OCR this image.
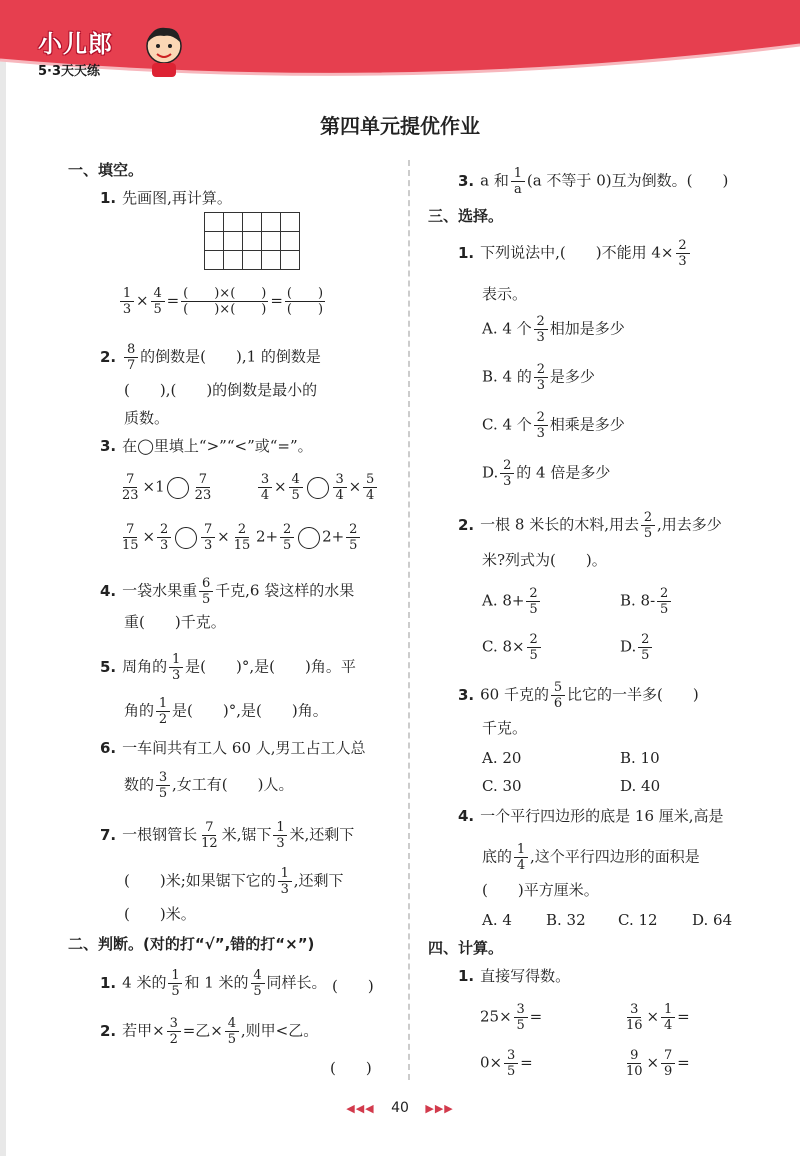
小儿郎
5·3天天练
第四单元提优作业
一、填空。
1. 先画图,再计算。

$\frac{1}{3} \times \frac{4}{5}$ = (　　)×(　　)
(　　)×(　　) = (　　)
(　　)
2. $\frac{8}{7}$ 的倒数是(　　),1 的倒数是
(　　),(　　)的倒数是最小的
质数。
3. 在◯里填上“>”“<”或“=”。
$\frac{7}{23} \times 1 \frac{7}{23}$	$\frac{3}{4} \times \frac{4}{5} \frac{3}{4} \times \frac{5}{4}$
$\frac{7}{15} \times \frac{2}{3} \frac{7}{3} \times \frac{2}{15} 2+ \frac{2}{5} 2+ \frac{2}{5}$
4. 一袋水果重 $\frac{6}{5}$ 千克,6 袋这样的水果
重(　　)千克。
5. 周角的 $\frac{1}{3}$ 是(　　)°,是(　　)角。平
角的 $\frac{1}{2}$ 是(　　)°,是(　　)角。
6. 一车间共有工人 60 人,男工占工人总
数的 $\frac{3}{5}$ ,女工有(　　)人。
7. 一根钢管长 $\frac{7}{12}$ 米,锯下 $\frac{1}{3}$ 米,还剩下
(　　)米;如果锯下它的 $\frac{1}{3}$ ,还剩下
(　　)米。
二、判断。(对的打“√”,错的打“×”)
1. 4 米的 $\frac{1}{5}$ 和 1 米的 $\frac{4}{5}$ 同样长。 (　　)
2. 若甲× $\frac{3}{2}$ =乙× $\frac{4}{5}$ ,则甲<乙。
(　　)
3. a 和 $\frac{1}{a} (a$ 不等于 0)互为倒数。(　　)
三、选择。
1. 下列说法中,(　　)不能用 $4\times \frac{2}{3}$
表示。
A. 4 个 $\frac{2}{3}$ 相加是多少
B. 4 的 $\frac{2}{3}$ 是多少
C. 4 个 $\frac{2}{3}$ 相乘是多少
D. $\frac{2}{3}$ 的 4 倍是多少
2. 一根 8 米长的木料,用去 $\frac{2}{5}$ ,用去多少
米?列式为(　　)。
A. $8+ \frac{2}{5}$	B. $8- \frac{2}{5}$
C. $8\times \frac{2}{5}$	D. $\frac{2}{5}$
3. 60 千克的 $\frac{5}{6}$ 比它的一半多(　　)
千克。
A. 20	B. 10
C. 30	D. 40
4. 一个平行四边形的底是 16 厘米,高是
底的 $\frac{1}{4}$ ,这个平行四边形的面积是
(　　)平方厘米。
A. 4 B. 32 C. 12 D. 64
四、计算。
1. 直接写得数。
$25\times \frac{3}{5}$ =	$\frac{3}{16} \times \frac{1}{4}$ =
$0\times \frac{3}{5}$ =	$\frac{9}{10} \times \frac{7}{9}$ =
◀◀◀ 40 ▶▶▶
